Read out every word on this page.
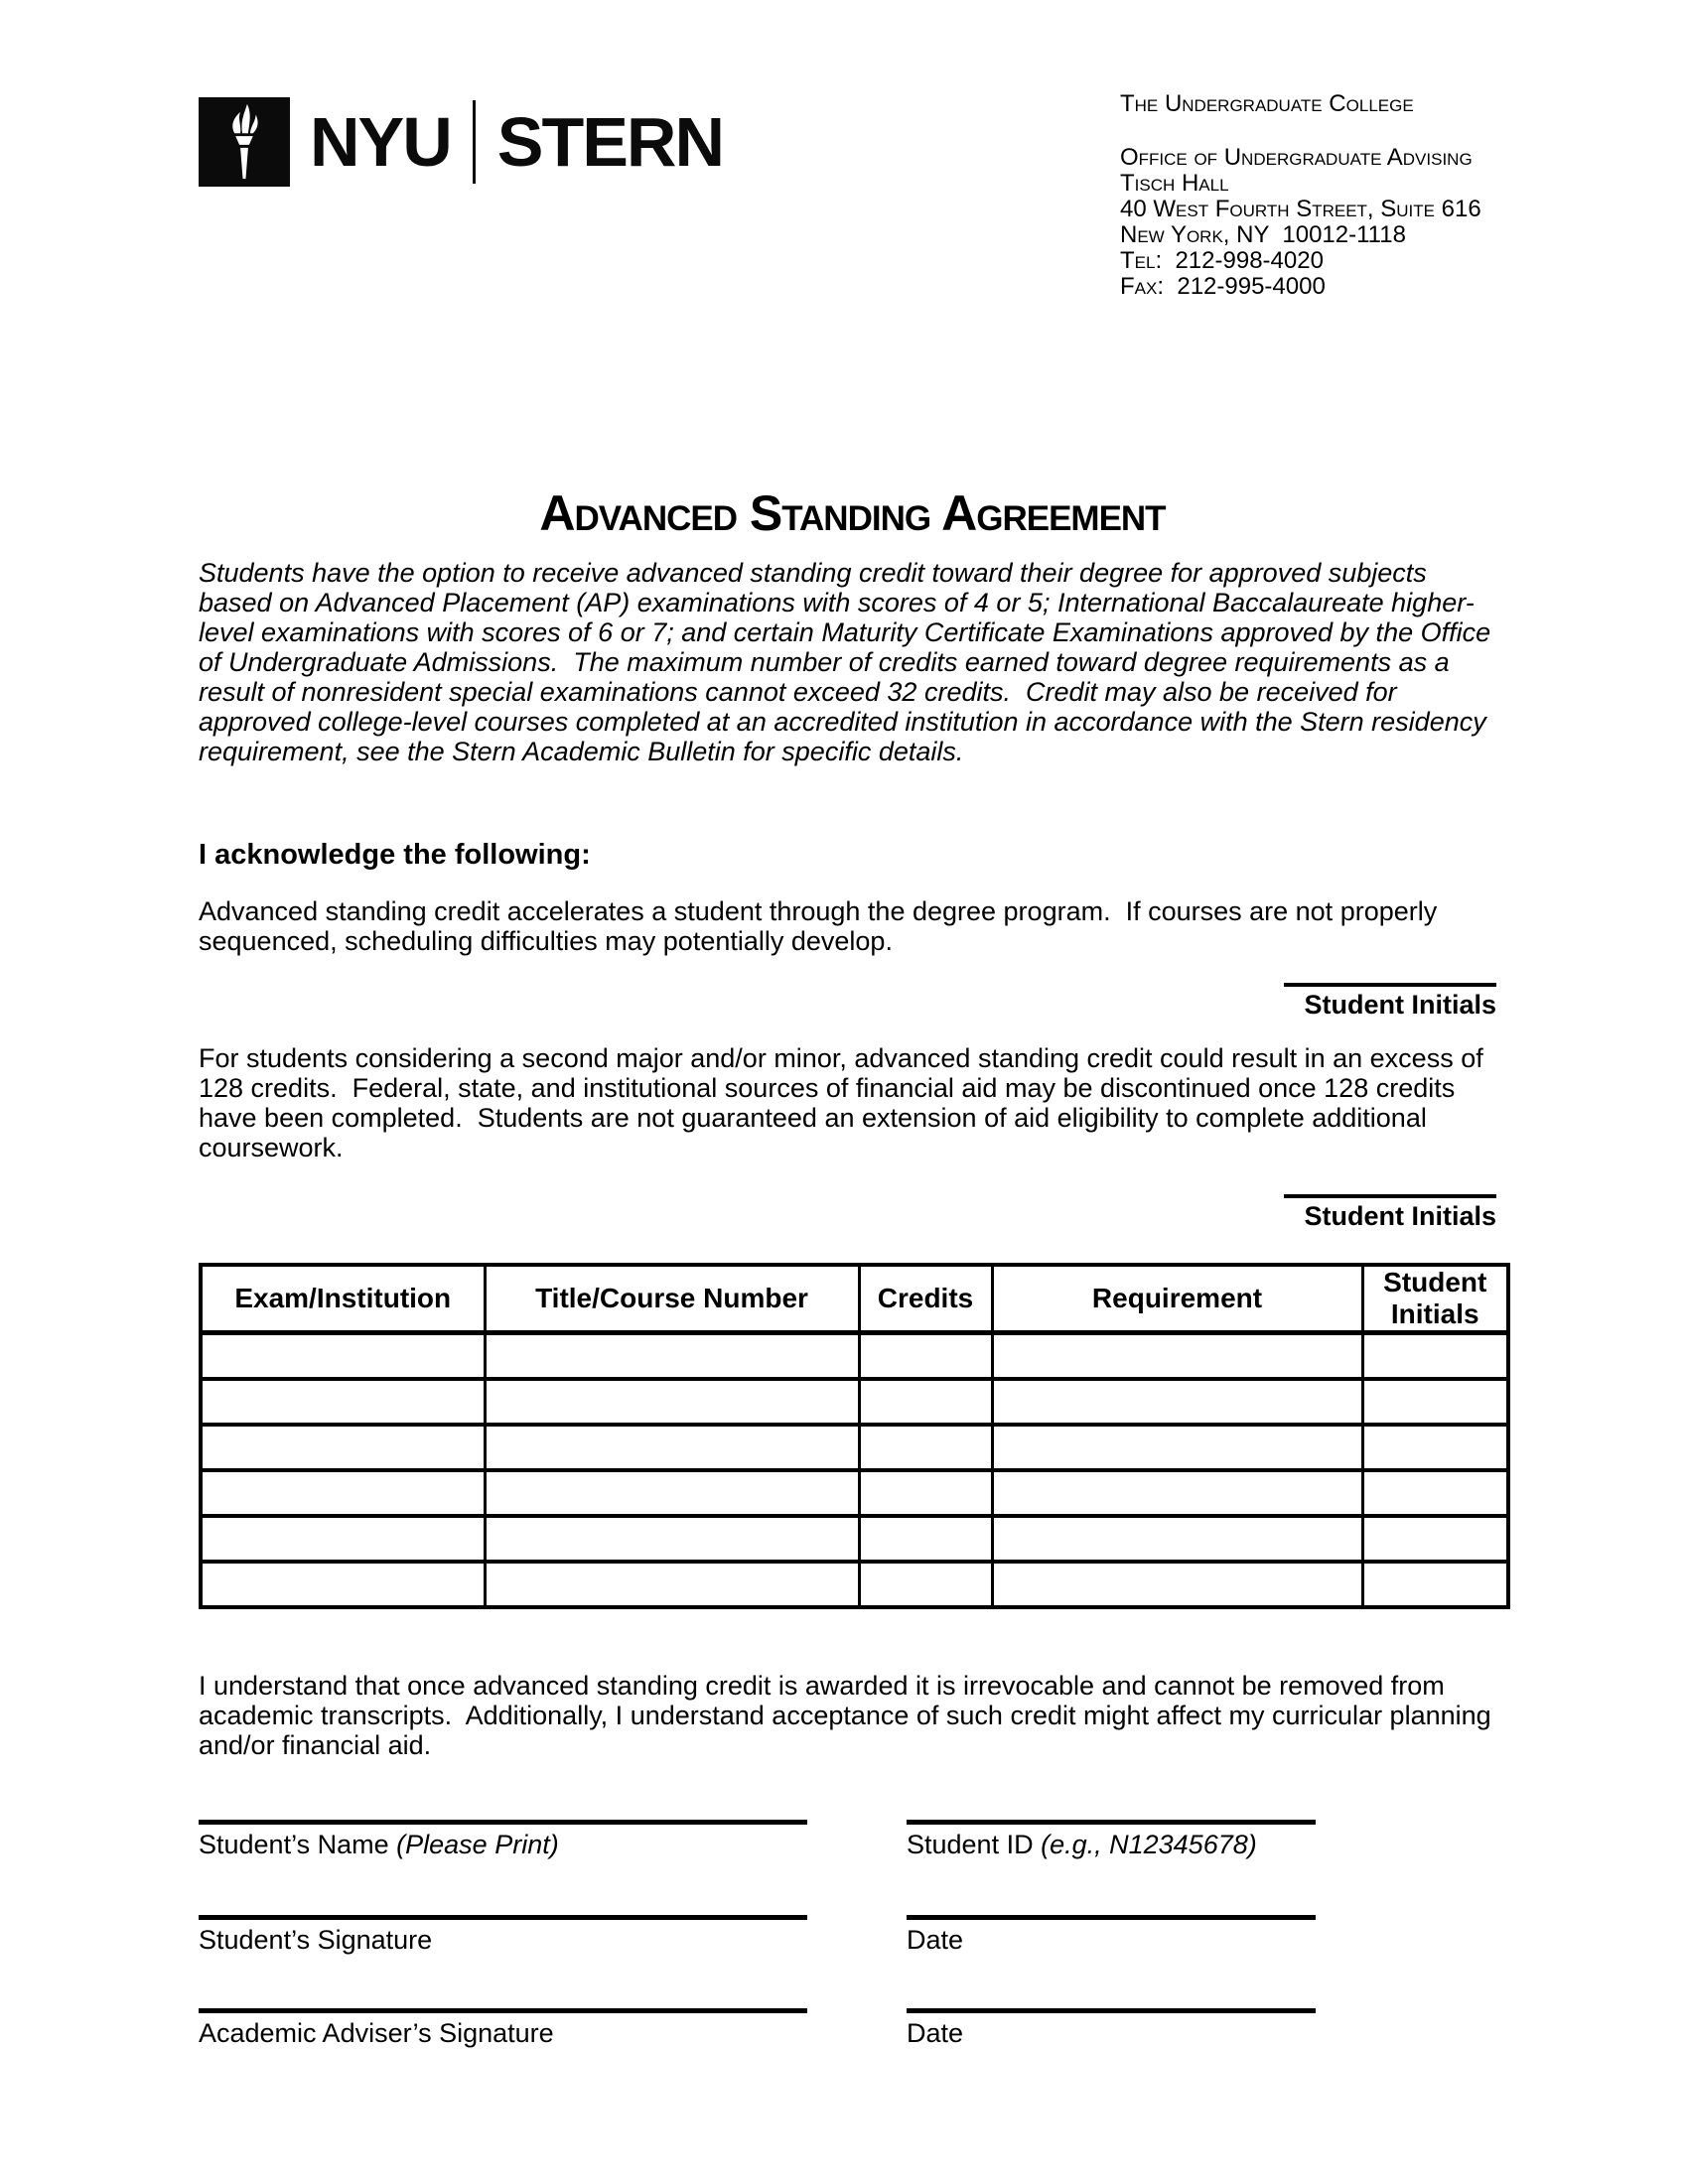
NYU STERN	The Undergraduate College
Office of Undergraduate Advising
Tisch Hall
40 West Fourth Street, Suite 616
New York, NY  10012-1118
Tel:  212-998-4020
Fax:  212-995-4000
Advanced Standing Agreement
Students have the option to receive advanced standing credit toward their degree for approved subjects based on Advanced Placement (AP) examinations with scores of 4 or 5; International Baccalaureate higher-level examinations with scores of 6 or 7; and certain Maturity Certificate Examinations approved by the Office of Undergraduate Admissions.  The maximum number of credits earned toward degree requirements as a result of nonresident special examinations cannot exceed 32 credits.  Credit may also be received for approved college-level courses completed at an accredited institution in accordance with the Stern residency requirement, see the Stern Academic Bulletin for specific details.
I acknowledge the following:
Advanced standing credit accelerates a student through the degree program.  If courses are not properly sequenced, scheduling difficulties may potentially develop.
Student Initials
For students considering a second major and/or minor, advanced standing credit could result in an excess of 128 credits.  Federal, state, and institutional sources of financial aid may be discontinued once 128 credits have been completed.  Students are not guaranteed an extension of aid eligibility to complete additional coursework.
Student Initials
Exam/Institution	Title/Course Number	Credits	Requirement	Student Initials

I understand that once advanced standing credit is awarded it is irrevocable and cannot be removed from academic transcripts.  Additionally, I understand acceptance of such credit might affect my curricular planning and/or financial aid.
Student’s Name (Please Print)	Student ID (e.g., N12345678)
Student’s Signature	Date
Academic Adviser’s Signature	Date
